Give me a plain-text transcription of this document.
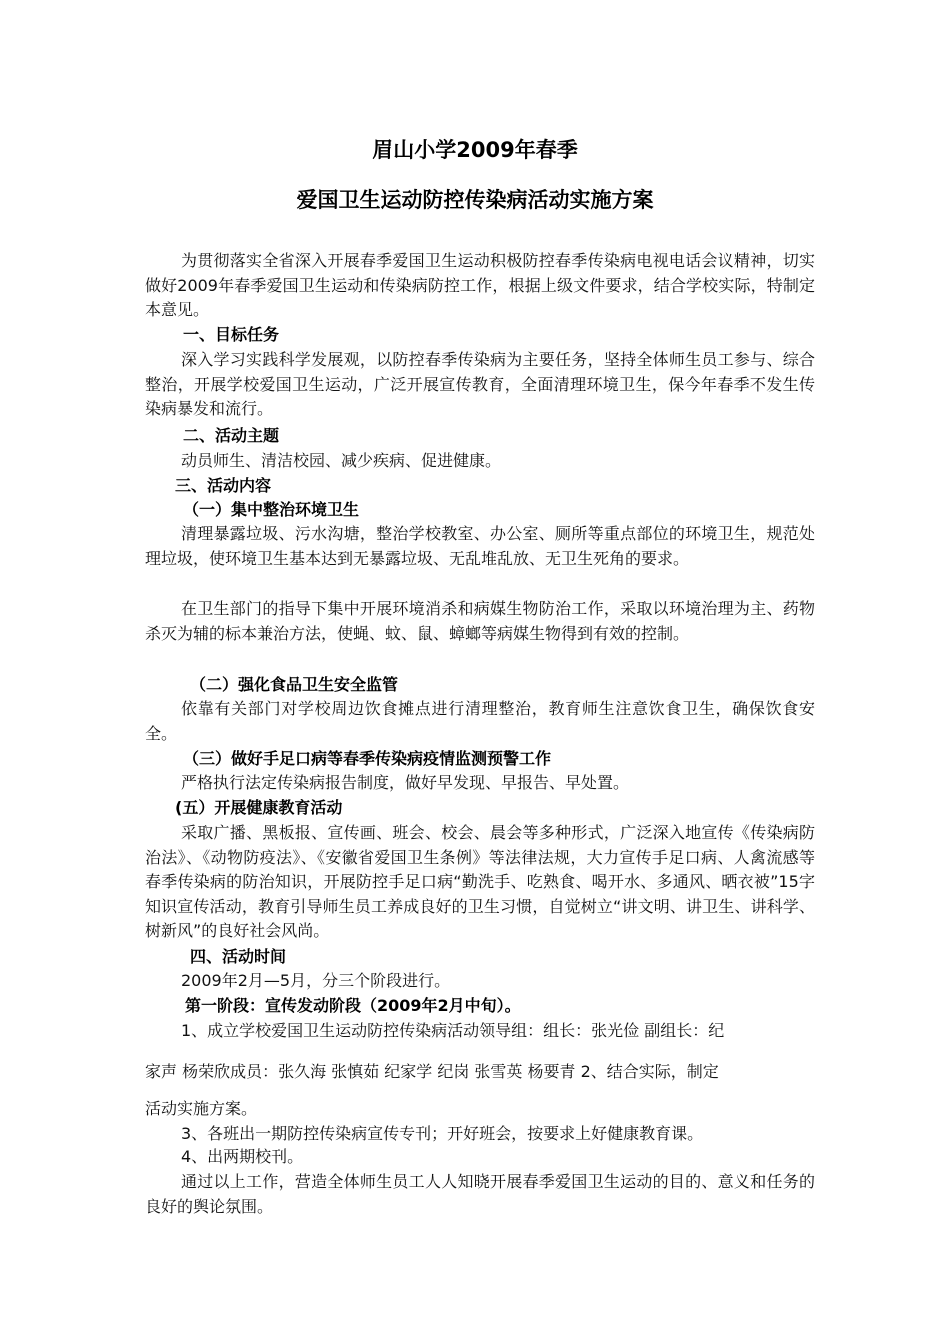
眉山小学2009年春季
爱国卫生运动防控传染病活动实施方案
为贯彻落实全省深入开展春季爱国卫生运动积极防控春季传染病电视电话会议精神，切实做好2009年春季爱国卫生运动和传染病防控工作，根据上级文件要求，结合学校实际，特制定本意见。
一、目标任务
深入学习实践科学发展观，以防控春季传染病为主要任务，坚持全体师生员工参与、综合整治，开展学校爱国卫生运动，广泛开展宣传教育，全面清理环境卫生，保今年春季不发生传染病暴发和流行。
二、活动主题
动员师生、清洁校园、减少疾病、促进健康。
三、活动内容
（一）集中整治环境卫生
清理暴露垃圾、污水沟塘，整治学校教室、办公室、厕所等重点部位的环境卫生，规范处理垃圾，使环境卫生基本达到无暴露垃圾、无乱堆乱放、无卫生死角的要求。
在卫生部门的指导下集中开展环境消杀和病媒生物防治工作，采取以环境治理为主、药物杀灭为辅的标本兼治方法，使蝇、蚊、鼠、蟑螂等病媒生物得到有效的控制。
（二）强化食品卫生安全监管
依靠有关部门对学校周边饮食摊点进行清理整治，教育师生注意饮食卫生，确保饮食安全。
（三）做好手足口病等春季传染病疫情监测预警工作
严格执行法定传染病报告制度，做好早发现、早报告、早处置。
(五）开展健康教育活动
采取广播、黑板报、宣传画、班会、校会、晨会等多种形式，广泛深入地宣传《传染病防治法》、《动物防疫法》、《安徽省爱国卫生条例》等法律法规，大力宣传手足口病、人禽流感等春季传染病的防治知识，开展防控手足口病“勤洗手、吃熟食、喝开水、多通风、晒衣被”15字知识宣传活动，教育引导师生员工养成良好的卫生习惯，自觉树立“讲文明、讲卫生、讲科学、树新风”的良好社会风尚。
四、活动时间
2009年2月—5月，分三个阶段进行。
第一阶段：宣传发动阶段（2009年2月中旬）。
1、成立学校爱国卫生运动防控传染病活动领导组：组长：张光俭 副组长：纪
家声 杨荣欣成员：张久海 张慎茹 纪家学 纪岗 张雪英 杨要青 2、结合实际，制定
活动实施方案。
3、各班出一期防控传染病宣传专刊；开好班会，按要求上好健康教育课。
4、出两期校刊。
通过以上工作，营造全体师生员工人人知晓开展春季爱国卫生运动的目的、意义和任务的良好的舆论氛围。
